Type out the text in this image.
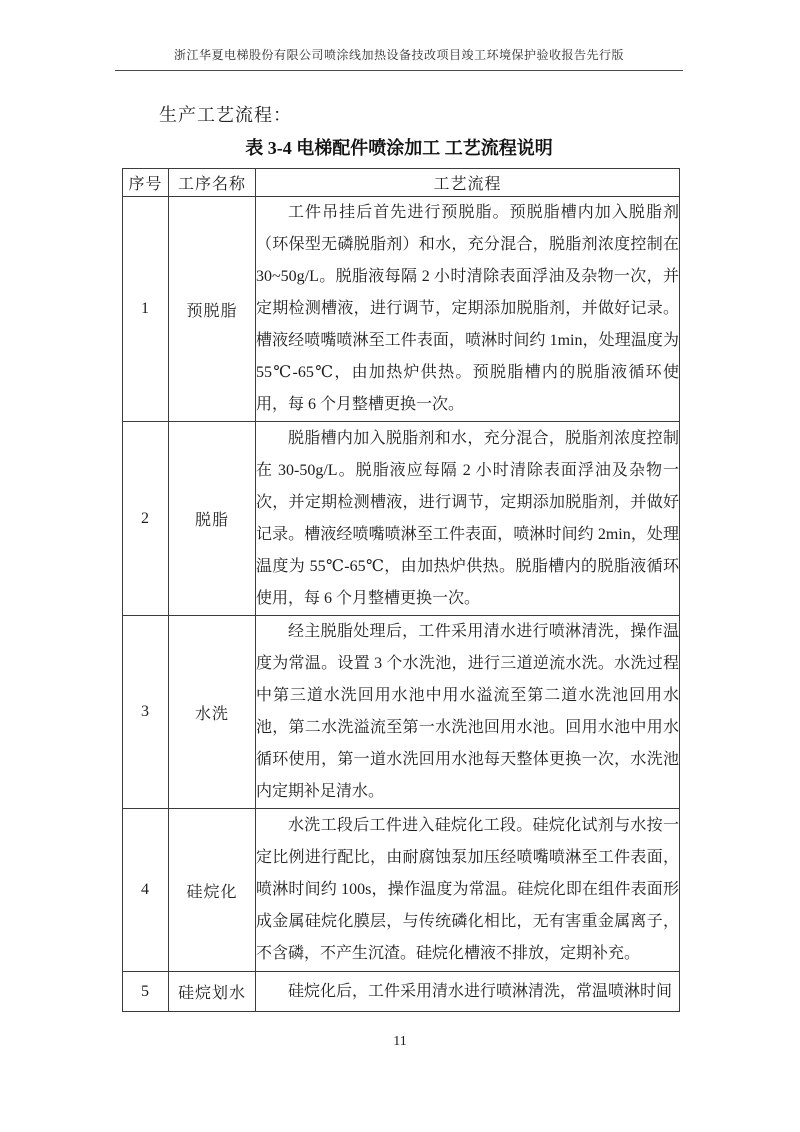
浙江华夏电梯股份有限公司喷涂线加热设备技改项目竣工环境保护验收报告先行版
生产工艺流程：
表 3-4 电梯配件喷涂加工 工艺流程说明
序号	工序名称	工艺流程
1	预脱脂	工件吊挂后首先进行预脱脂。预脱脂槽内加入脱脂剂（环保型无磷脱脂剂）和水，充分混合，脱脂剂浓度控制在 30~50g/L。脱脂液每隔 2 小时清除表面浮油及杂物一次，并定期检测槽液，进行调节，定期添加脱脂剂，并做好记录。槽液经喷嘴喷淋至工件表面，喷淋时间约 1min，处理温度为 55℃-65℃，由加热炉供热。预脱脂槽内的脱脂液循环使用，每 6 个月整槽更换一次。

2	脱脂	脱脂槽内加入脱脂剂和水，充分混合，脱脂剂浓度控制在 30-50g/L。脱脂液应每隔 2 小时清除表面浮油及杂物一次，并定期检测槽液，进行调节，定期添加脱脂剂，并做好记录。槽液经喷嘴喷淋至工件表面，喷淋时间约 2min，处理温度为 55℃-65℃，由加热炉供热。脱脂槽内的脱脂液循环使用，每 6 个月整槽更换一次。

3	水洗	经主脱脂处理后，工件采用清水进行喷淋清洗，操作温度为常温。设置 3 个水洗池，进行三道逆流水洗。水洗过程中第三道水洗回用水池中用水溢流至第二道水洗池回用水池，第二水洗溢流至第一水洗池回用水池。回用水池中用水循环使用，第一道水洗回用水池每天整体更换一次，水洗池内定期补足清水。

4	硅烷化	水洗工段后工件进入硅烷化工段。硅烷化试剂与水按一定比例进行配比，由耐腐蚀泵加压经喷嘴喷淋至工件表面，喷淋时间约 100s，操作温度为常温。硅烷化即在组件表面形成金属硅烷化膜层，与传统磷化相比，无有害重金属离子，不含磷，不产生沉渣。硅烷化槽液不排放，定期补充。

5	硅烷划水	硅烷化后，工件采用清水进行喷淋清洗，常温喷淋时间

11
